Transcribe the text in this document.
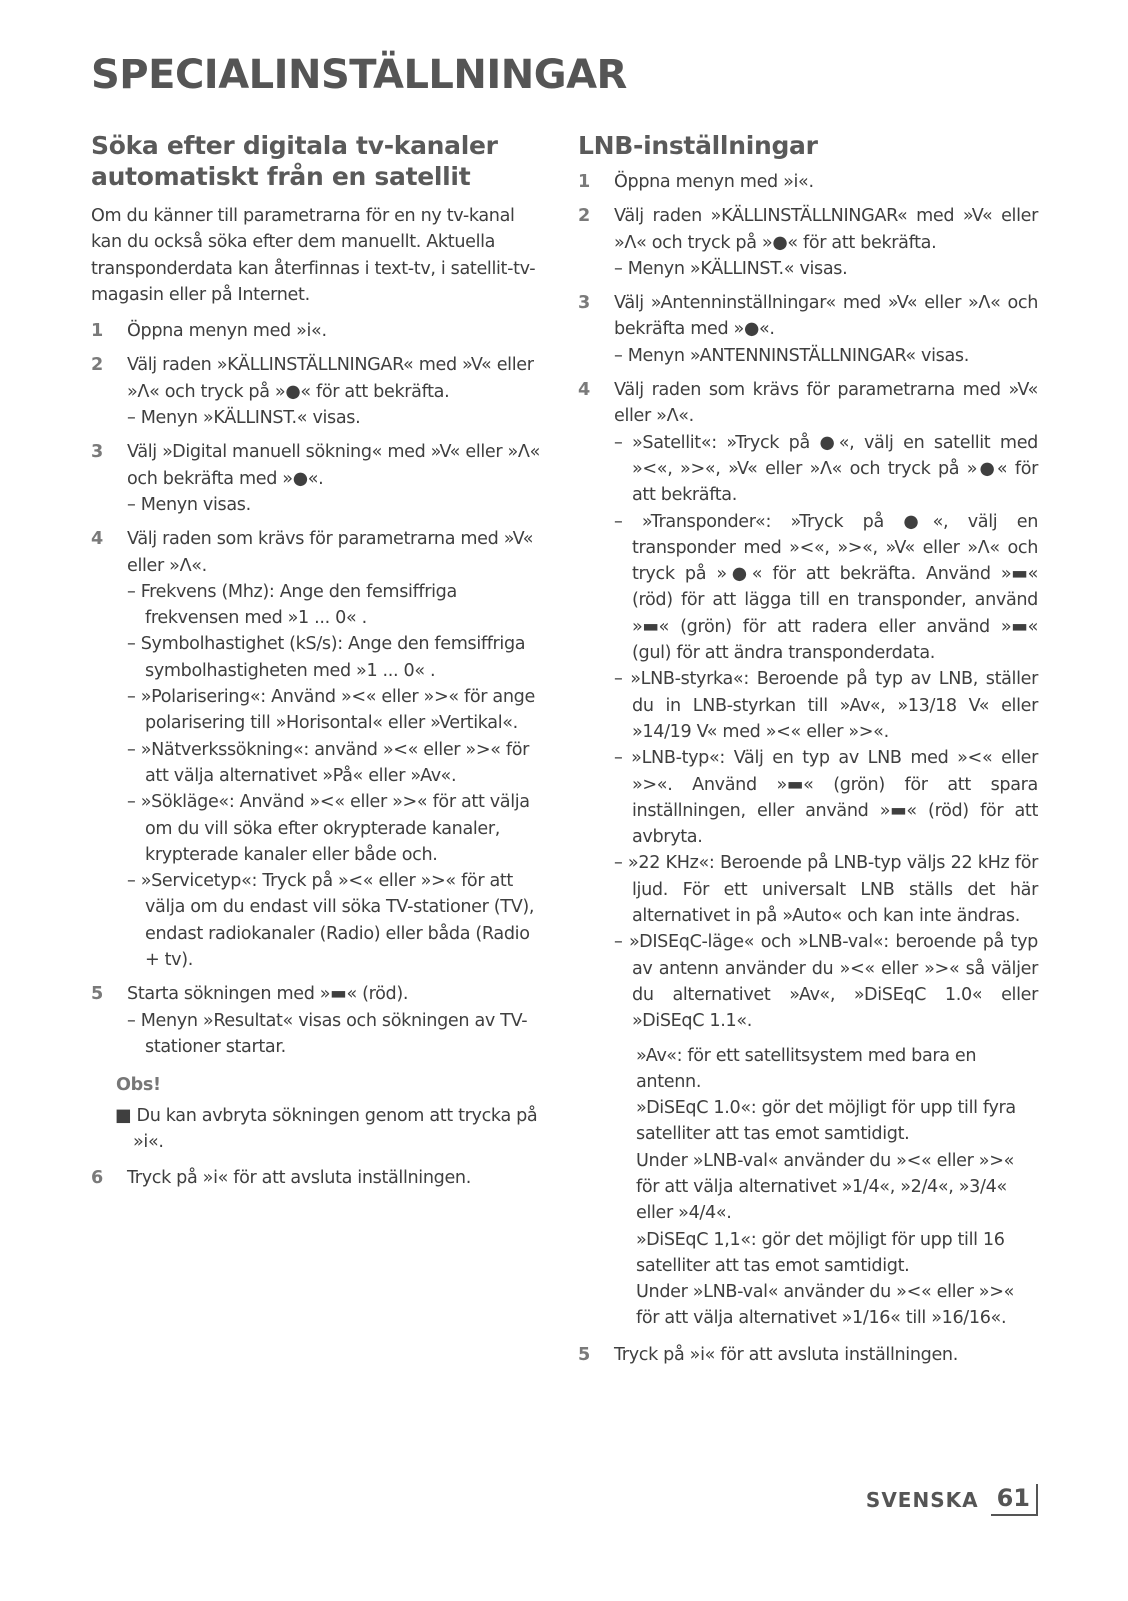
SPECIALINSTÄLLNINGAR
Söka efter digitala tv-kanaler automatiskt från en satellit

Om du känner till parametrarna för en ny tv-kanal kan du också söka efter dem manuellt. Aktuella transponderdata kan återfinnas i text-tv, i satellit-tv-magasin eller på Internet.

1	Öppna menyn med »i«.
2	Välj raden »KÄLLINSTÄLLNINGAR« med »V« eller »Λ« och tryck på »●« för att bekräfta.
– Menyn »KÄLLINST.« visas.
3	Välj »Digital manuell sökning« med »V« eller »Λ« och bekräfta med »●«.
– Menyn visas.
4	Välj raden som krävs för parametrarna med »V« eller »Λ«.
– Frekvens (Mhz): Ange den femsiffriga frekvensen med »1 ... 0« .
– Symbolhastighet (kS/s): Ange den femsiffriga symbolhastigheten med »1 ... 0« .
– »Polarisering«: Använd »<« eller »>« för ange polarisering till »Horisontal« eller »Vertikal«.
– »Nätverkssökning«: använd »<« eller »>« för att välja alternativet »På« eller »Av«.
– »Sökläge«: Använd »<« eller »>« för att välja om du vill söka efter okrypterade kanaler, krypterade kanaler eller både och.
– »Servicetyp«: Tryck på »<« eller »>« för att välja om du endast vill söka TV-stationer (TV), endast radiokanaler (Radio) eller båda (Radio + tv).
5	Starta sökningen med »▬« (röd).
– Menyn »Resultat« visas och sökningen av TV-stationer startar.
Obs!
■ Du kan avbryta sökningen genom att trycka på »i«.
6	Tryck på »i« för att avsluta inställningen.
LNB-inställningar
1	Öppna menyn med »i«.
2	Välj raden »KÄLLINSTÄLLNINGAR« med »V« eller »Λ« och tryck på »●« för att bekräfta.
– Menyn »KÄLLINST.« visas.
3	Välj »Antenninställningar« med »V« eller »Λ« och bekräfta med »●«.
– Menyn »ANTENNINSTÄLLNINGAR« visas.
4	Välj raden som krävs för parametrarna med »V« eller »Λ«.
– »Satellit«: »Tryck på ●«, välj en satellit med »<«, »>«, »V« eller »Λ« och tryck på »●« för att bekräfta.
– »Transponder«: »Tryck på ●«, välj en transponder med »<«, »>«, »V« eller »Λ« och tryck på »●« för att bekräfta. Använd »▬« (röd) för att lägga till en transponder, använd »▬« (grön) för att radera eller använd »▬« (gul) för att ändra transponderdata.
– »LNB-styrka«: Beroende på typ av LNB, ställer du in LNB-styrkan till »Av«, »13/18 V« eller »14/19 V« med »<« eller »>«.
– »LNB-typ«: Välj en typ av LNB med »<« eller »>«. Använd »▬« (grön) för att spara inställningen, eller använd »▬« (röd) för att avbryta.
– »22 KHz«: Beroende på LNB-typ väljs 22 kHz för ljud. För ett universalt LNB ställs det här alternativet in på »Auto« och kan inte ändras.
– »DISEqC-läge« och »LNB-val«: beroende på typ av antenn använder du »<« eller »>« så väljer du alternativet »Av«, »DiSEqC 1.0« eller »DiSEqC 1.1«.
»Av«: för ett satellitsystem med bara en antenn.
»DiSEqC 1.0«: gör det möjligt för upp till fyra satelliter att tas emot samtidigt.
Under »LNB-val« använder du »<« eller »>« för att välja alternativet »1/4«, »2/4«, »3/4« eller »4/4«.
»DiSEqC 1,1«: gör det möjligt för upp till 16 satelliter att tas emot samtidigt.
Under »LNB-val« använder du »<« eller »>« för att välja alternativet »1/16« till »16/16«.
5	Tryck på »i« för att avsluta inställningen.
SVENSKA 61
